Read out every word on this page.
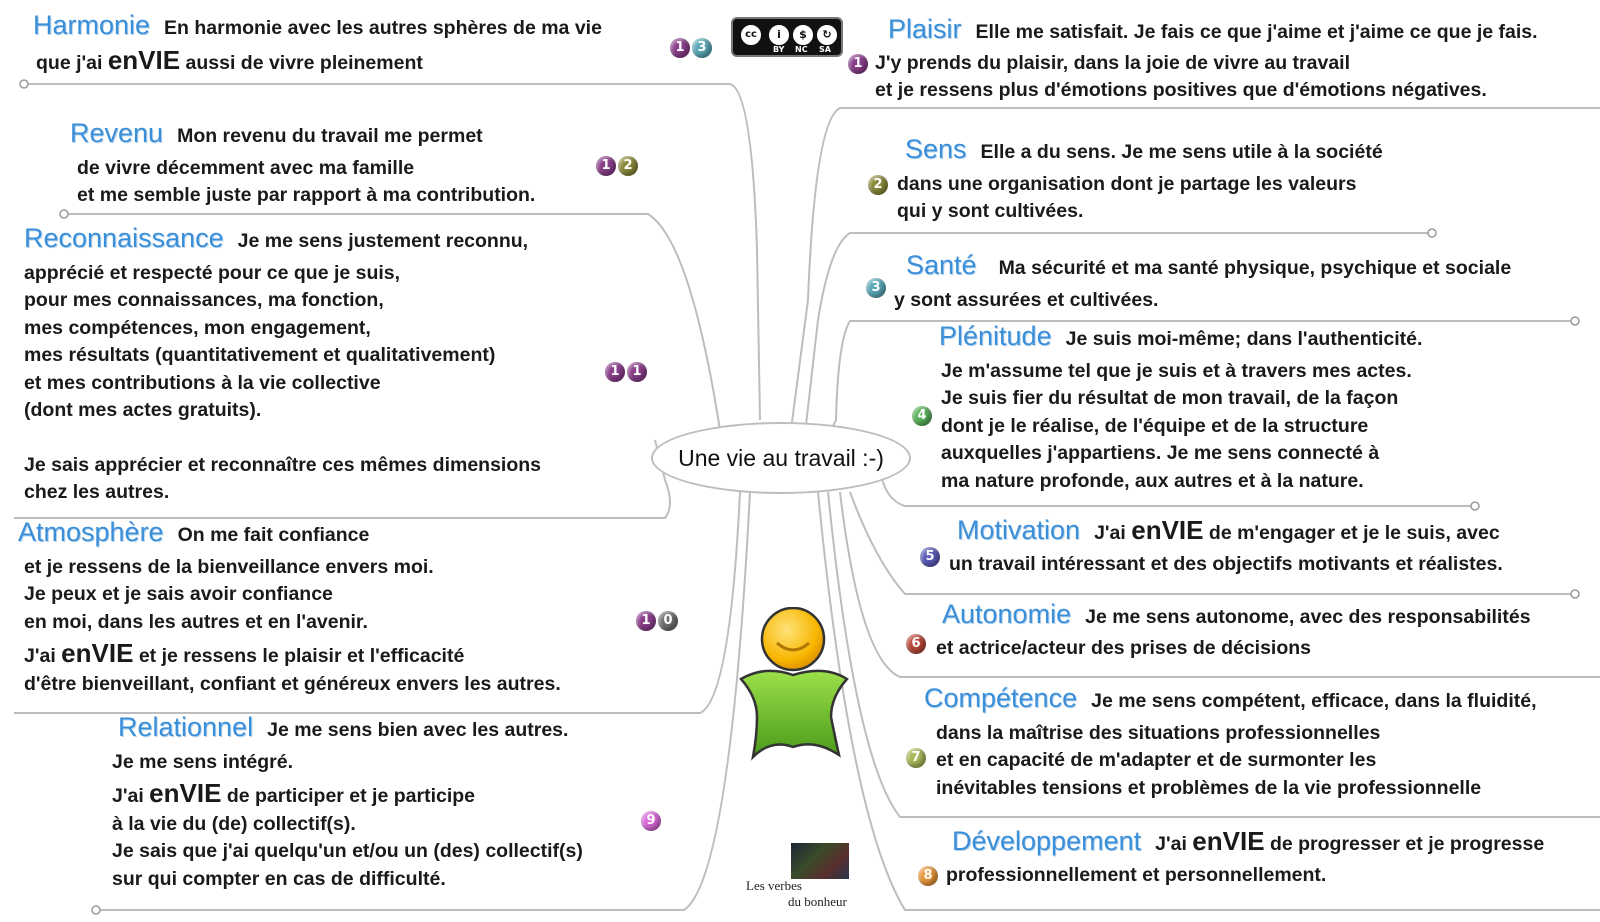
Une vie au travail :-)
cc	i	$	↻
BY NC SA
Les verbes
du bonheur
Harmonie En harmonie avec les autres sphères de ma vie
que j'ai enVIE aussi de vivre pleinement
1 3
Revenu Mon revenu du travail me permet
de vivre décemment avec ma famille
et me semble juste par rapport à ma contribution.
1 2
Reconnaissance Je me sens justement reconnu,
apprécié et respecté pour ce que je suis,
pour mes connaissances, ma fonction,
mes compétences, mon engagement,
mes résultats (quantitativement et qualitativement)
et mes contributions à la vie collective
(dont mes actes gratuits).
Je sais apprécier et reconnaître ces mêmes dimensions
chez les autres.
1 1
Atmosphère On me fait confiance
et je ressens de la bienveillance envers moi.
Je peux et je sais avoir confiance
en moi, dans les autres et en l'avenir.
J'ai enVIE et je ressens le plaisir et l'efficacité
d'être bienveillant, confiant et généreux envers les autres.
1 0
Relationnel Je me sens bien avec les autres.
Je me sens intégré.
J'ai enVIE de participer et je participe
à la vie du (de) collectif(s).
Je sais que j'ai quelqu'un et/ou un (des) collectif(s)
sur qui compter en cas de difficulté.
9
Plaisir Elle me satisfait. Je fais ce que j'aime et j'aime ce que je fais.
J'y prends du plaisir, dans la joie de vivre au travail
et je ressens plus d'émotions positives que d'émotions négatives.
1
Sens Elle a du sens. Je me sens utile à la société
dans une organisation dont je partage les valeurs
qui y sont cultivées.
2
Santé Ma sécurité et ma santé physique, psychique et sociale
y sont assurées et cultivées.
3
Plénitude Je suis moi-même; dans l'authenticité.
Je m'assume tel que je suis et à travers mes actes.
Je suis fier du résultat de mon travail, de la façon
dont je le réalise, de l'équipe et de la structure
auxquelles j'appartiens. Je me sens connecté à
ma nature profonde, aux autres et à la nature.
4
Motivation J'ai enVIE de m'engager et je le suis, avec
un travail intéressant et des objectifs motivants et réalistes.
5
Autonomie Je me sens autonome, avec des responsabilités
et actrice/acteur des prises de décisions
6
Compétence Je me sens compétent, efficace, dans la fluidité,
dans la maîtrise des situations professionnelles
et en capacité de m'adapter et de surmonter les
inévitables tensions et problèmes de la vie professionnelle
7
Développement J'ai enVIE de progresser et je progresse
professionnellement et personnellement.
8
